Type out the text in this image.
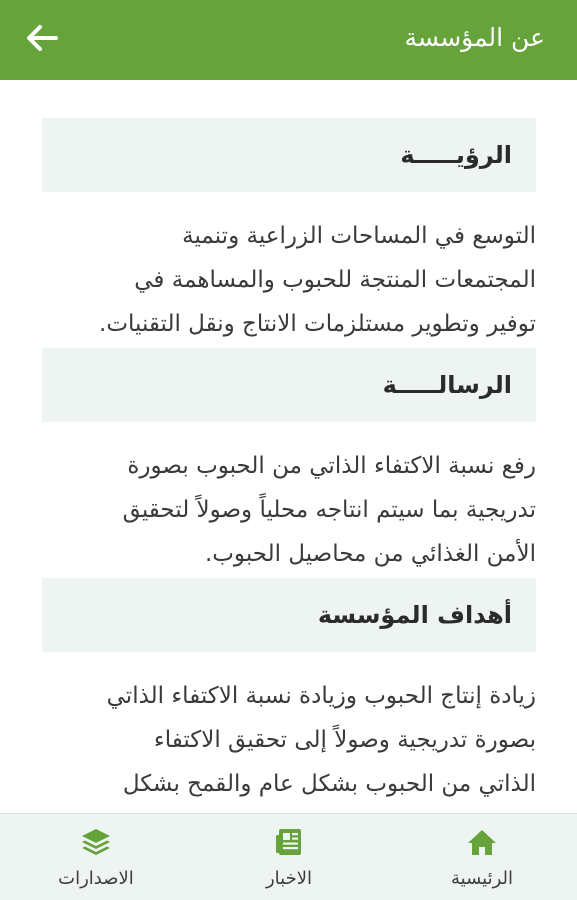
عن المؤسسة
الرؤيـــــة
التوسع في المساحات الزراعية وتنمية
المجتمعات المنتجة للحبوب والمساهمة في
توفير وتطوير مستلزمات الانتاج ونقل التقنيات.
الرسالـــــة
رفع نسبة الاكتفاء الذاتي من الحبوب بصورة
تدريجية بما سيتم انتاجه محلياً وصولاً لتحقيق
الأمن الغذائي من محاصيل الحبوب.
أهداف المؤسسة
زيادة إنتاج الحبوب وزيادة نسبة الاكتفاء الذاتي
بصورة تدريجية وصولاً إلى تحقيق الاكتفاء
الذاتي من الحبوب بشكل عام والقمح بشكل
الرئيسية
الاخبار
الاصدارات
